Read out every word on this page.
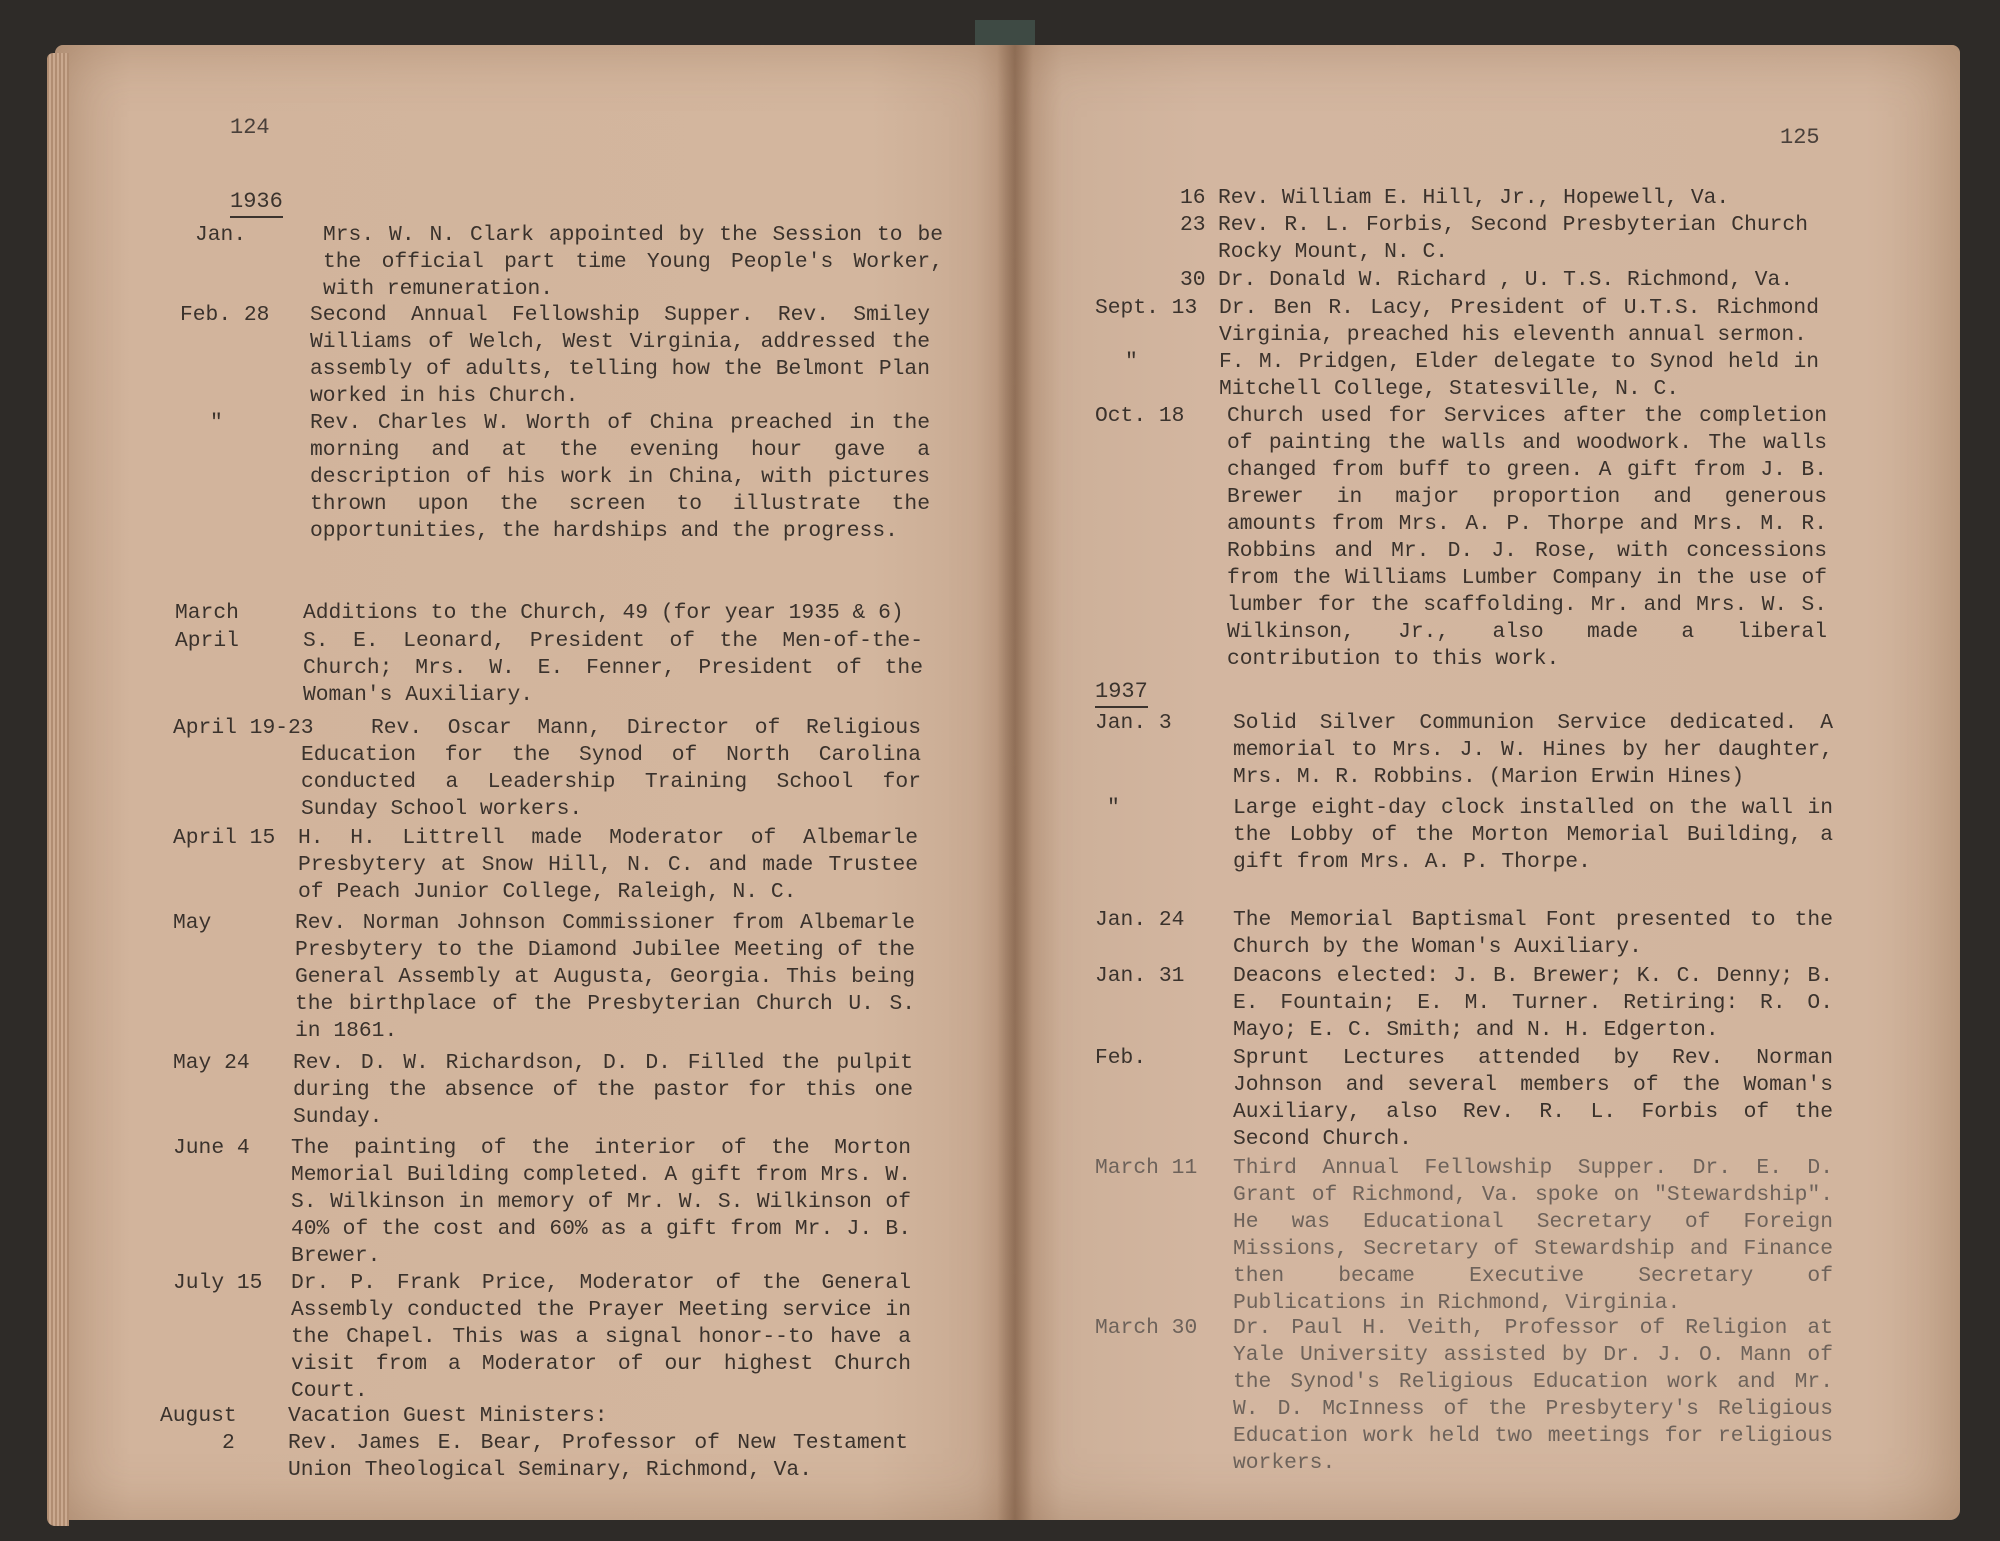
124
1936
Jan.	Mrs. W. N. Clark appointed by the Session to be the official part time Young People's Worker, with remuneration.
Feb. 28 Second Annual Fellowship Supper. Rev. Smiley Williams of Welch, West Virginia, addressed the assembly of adults, telling how the Belmont Plan worked in his Church.
"	Rev. Charles W. Worth of China preached in the morning and at the evening hour gave a description of his work in China, with pictures thrown upon the screen to illustrate the opportunities, the hardships and the progress.
March	Additions to the Church, 49 (for year 1935 & 6)
April	S. E. Leonard, President of the Men-of-the-Church; Mrs. W. E. Fenner, President of the Woman's Auxiliary.
April 19-23	Rev. Oscar Mann, Director of Religious Education for the Synod of North Carolina conducted a Leadership Training School for Sunday School workers.
April 15 H. H. Littrell made Moderator of Albemarle Presbytery at Snow Hill, N. C. and made Trustee of Peach Junior College, Raleigh, N. C.
May	Rev. Norman Johnson Commissioner from Albemarle Presbytery to the Diamond Jubilee Meeting of the General Assembly at Augusta, Georgia. This being the birthplace of the Presbyterian Church U. S. in 1861.
May 24 Rev. D. W. Richardson, D. D. Filled the pulpit during the absence of the pastor for this one Sunday.
June 4 The painting of the interior of the Morton Memorial Building completed. A gift from Mrs. W. S. Wilkinson in memory of Mr. W. S. Wilkinson of 40% of the cost and 60% as a gift from Mr. J. B. Brewer.
July 15 Dr. P. Frank Price, Moderator of the General Assembly conducted the Prayer Meeting service in the Chapel. This was a signal honor--to have a visit from a Moderator of our highest Church Court.
August Vacation Guest Ministers:
2 Rev. James E. Bear, Professor of New Testament Union Theological Seminary, Richmond, Va.
125
16 Rev. William E. Hill, Jr., Hopewell, Va.
23 Rev. R. L. Forbis, Second Presbyterian Church Rocky Mount, N. C.
30 Dr. Donald W. Richard , U. T.S. Richmond, Va.
Sept. 13 Dr. Ben R. Lacy, President of U.T.S. Richmond Virginia, preached his eleventh annual sermon.
"	F. M. Pridgen, Elder delegate to Synod held in Mitchell College, Statesville, N. C.
Oct. 18 Church used for Services after the completion of painting the walls and woodwork. The walls changed from buff to green. A gift from J. B. Brewer in major proportion and generous amounts from Mrs. A. P. Thorpe and Mrs. M. R. Robbins and Mr. D. J. Rose, with concessions from the Williams Lumber Company in the use of lumber for the scaffolding. Mr. and Mrs. W. S. Wilkinson, Jr., also made a liberal contribution to this work.
1937
Jan. 3	Solid Silver Communion Service dedicated. A memorial to Mrs. J. W. Hines by her daughter, Mrs. M. R. Robbins. (Marion Erwin Hines)
"	Large eight-day clock installed on the wall in the Lobby of the Morton Memorial Building, a gift from Mrs. A. P. Thorpe.
Jan. 24 The Memorial Baptismal Font presented to the Church by the Woman's Auxiliary.
Jan. 31 Deacons elected: J. B. Brewer; K. C. Denny; B. E. Fountain; E. M. Turner. Retiring: R. O. Mayo; E. C. Smith; and N. H. Edgerton.
Feb.	Sprunt Lectures attended by Rev. Norman Johnson and several members of the Woman's Auxiliary, also Rev. R. L. Forbis of the Second Church.
March 11 Third Annual Fellowship Supper. Dr. E. D. Grant of Richmond, Va. spoke on "Stewardship". He was Educational Secretary of Foreign Missions, Secretary of Stewardship and Finance then became Executive Secretary of Publications in Richmond, Virginia.
March 30 Dr. Paul H. Veith, Professor of Religion at Yale University assisted by Dr. J. O. Mann of the Synod's Religious Education work and Mr. W. D. McInness of the Presbytery's Religious Education work held two meetings for religious workers.
